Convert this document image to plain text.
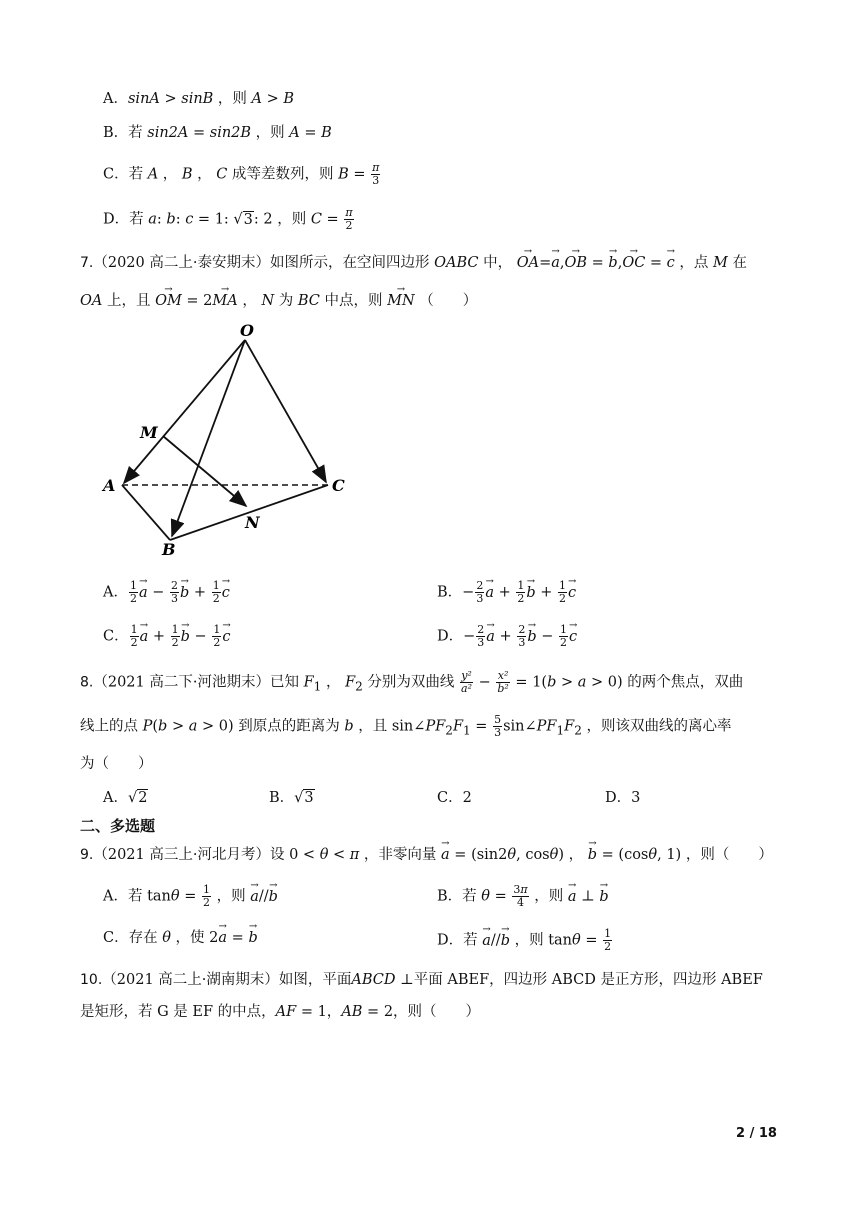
A．sinA > sinB ，则 A > B
B．若 sin2A = sin2B ，则 A = B
C．若 A ， B ， C 成等差数列，则 $B = \frac{\pi}{3}$
D．若 a: b: c = 1: √3: 2 ，则 $C = \frac{\pi}{2}$
7.（2020 高二上·泰安期末）如图所示，在空间四边形 OABC 中， → OA=→ a,→ OB = → b,→ OC = → c ，点 M 在
OA 上，且 → OM = 2→ MA ， N 为 BC 中点，则 → MN （　　）
O
M
A	C
N
B
A． $\frac{1}{2}$
→ $a - \frac{2}{3}$
→ $b + \frac{1}{2}$
→ c	B．− $\frac{2}{3}$
→ $a + \frac{1}{2}$
→ $b + \frac{1}{2}$
→ c
C． $\frac{1}{2}$
→ $a + \frac{1}{2}$
→ $b - \frac{1}{2}$
→ c	D．− $\frac{2}{3}$
→ $a + \frac{2}{3}$
→ $b - \frac{1}{2}$
→ c
8.（2021 高二下·河池期末）已知 $F_1$ ， $F_2$ 分别为双曲线 $\frac{\text{y²}}{\text{a²}} - \frac{\text{x²}}{\text{b²}} = 1(b > a > 0)$ 的两个焦点，双曲
线上的点 P(b > a > 0) 到原点的距离为 b ，且 $\sin\angle PF_2F_1 = \frac{5}{3}$ $\sin\angle PF_1F_2$ ，则该双曲线的离心率
为（　　）
A．√2	B．√3	C．2	D．3
二、多选题
9.（2021 高三上·河北月考）设 0 < θ < π ，非零向量 → a = (sin2θ, cosθ) ， → b = (cosθ, 1) ，则（　　）
A．若 $\tan\theta = \frac{1}{2}$ ，则 → a//→ b	B．若 $\theta = \frac{3\pi}{4}$ ，则 → a ⊥ → b
C．存在 θ ，使 2→ a = → b	D．若 → a//→ b ，则 $\tan\theta = \frac{1}{2}$
10.（2021 高二上·湖南期末）如图，平面ABCD ⊥平面 ABEF，四边形 ABCD 是正方形，四边形 ABEF
是矩形，若 G 是 EF 的中点，AF = 1，AB = 2，则（　　）
2 / 18
